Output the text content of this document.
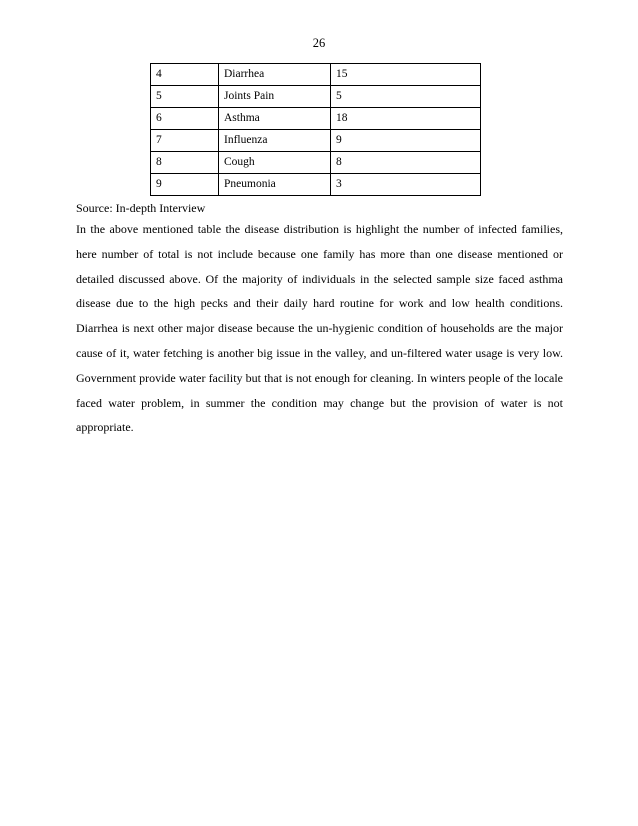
26
4	Diarrhea	15
5	Joints Pain	5
6	Asthma	18
7	Influenza	9
8	Cough	8
9	Pneumonia	3
Source: In-depth Interview

In the above mentioned table the disease distribution is highlight the number of infected families, here number of total is not include because one family has more than one disease mentioned or detailed discussed above. Of the majority of individuals in the selected sample size faced asthma disease due to the high pecks and their daily hard routine for work and low health conditions. Diarrhea is next other major disease because the un-hygienic condition of households are the major cause of it, water fetching is another big issue in the valley, and un-filtered water usage is very low. Government provide water facility but that is not enough for cleaning. In winters people of the locale faced water problem, in summer the condition may change but the provision of water is not appropriate.
